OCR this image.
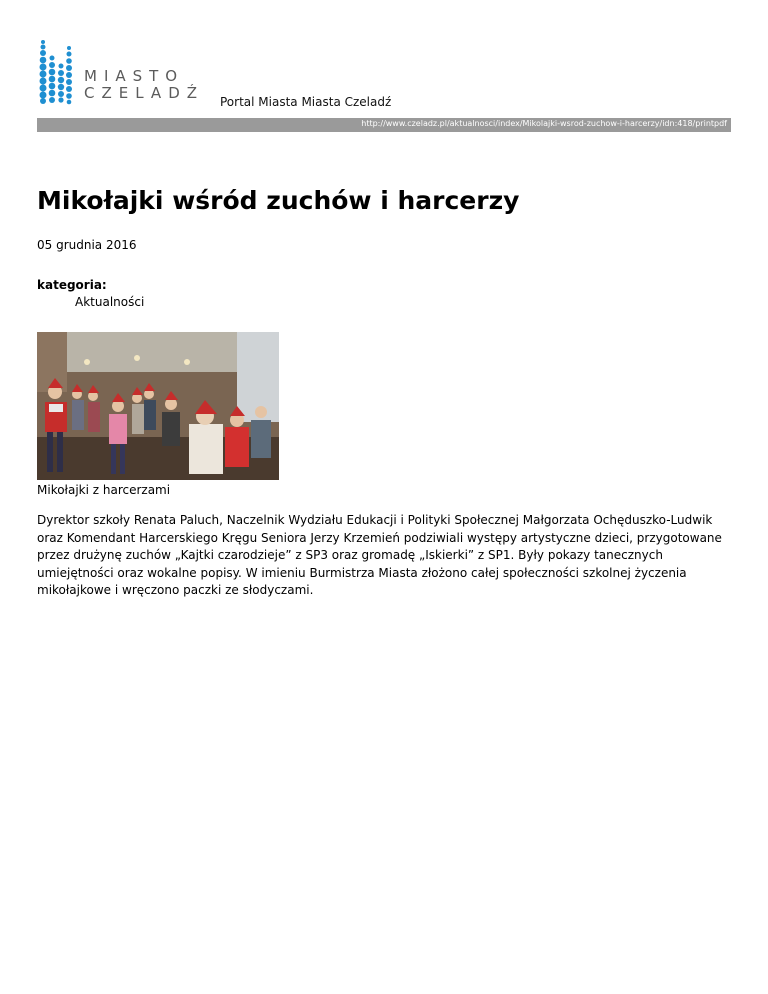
MIASTO
CZELADŹ Portal Miasta Miasta Czeladź
http://www.czeladz.pl/aktualnosci/index/Mikolajki-wsrod-zuchow-i-harcerzy/idn:418/printpdf
Mikołajki wśród zuchów i harcerzy
05 grudnia 2016
kategoria:
Aktualności
Mikołajki z harcerzami

Dyrektor szkoły Renata Paluch, Naczelnik Wydziału Edukacji i Polityki Społecznej Małgorzata Ochęduszko-Ludwik oraz Komendant Harcerskiego Kręgu Seniora Jerzy Krzemień podziwiali występy artystyczne dzieci, przygotowane przez drużynę zuchów „Kajtki czarodzieje” z SP3 oraz gromadę „Iskierki” z SP1. Były pokazy tanecznych umiejętności oraz wokalne popisy. W imieniu Burmistrza Miasta złożono całej społeczności szkolnej życzenia mikołajkowe i wręczono paczki ze słodyczami.
